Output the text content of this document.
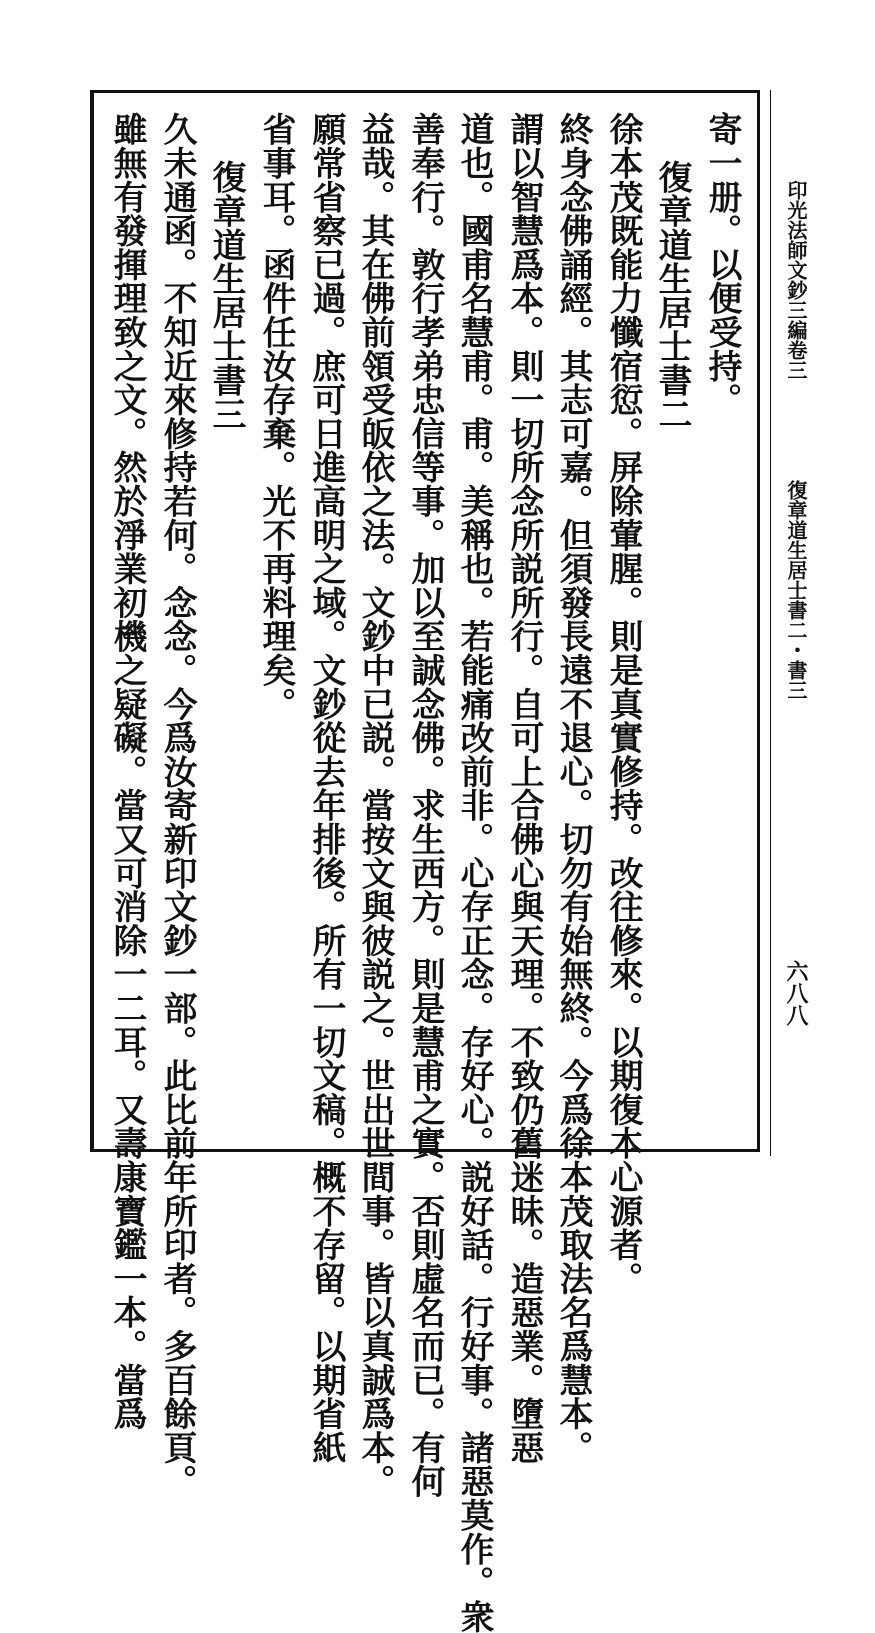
印光法師文鈔三編卷三
復章道生居士書二・書三
六八八
寄一册。以便受持。
復章道生居士書二
徐本茂既能力懺宿愆。屏除葷腥。則是真實修持。改往修來。以期復本心源者。
終身念佛誦經。其志可嘉。但須發長遠不退心。切勿有始無終。今爲徐本茂取法名爲慧本。
謂以智慧爲本。則一切所念所説所行。自可上合佛心與天理。不致仍舊迷昧。造惡業。墮惡
道也。國甫名慧甫。甫。美稱也。若能痛改前非。心存正念。存好心。説好話。行好事。諸惡莫作。衆
善奉行。敦行孝弟忠信等事。加以至誠念佛。求生西方。則是慧甫之實。否則虛名而已。有何
益哉。其在佛前領受皈依之法。文鈔中已説。當按文與彼説之。世出世間事。皆以真誠爲本。
願常省察已過。庶可日進高明之域。文鈔從去年排後。所有一切文稿。概不存留。以期省紙
省事耳。函件任汝存棄。光不再料理矣。
復章道生居士書三
久未通函。不知近來修持若何。念念。今爲汝寄新印文鈔一部。此比前年所印者。多百餘頁。
雖無有發揮理致之文。然於淨業初機之疑礙。當又可消除一二耳。又壽康寶鑑一本。當爲
